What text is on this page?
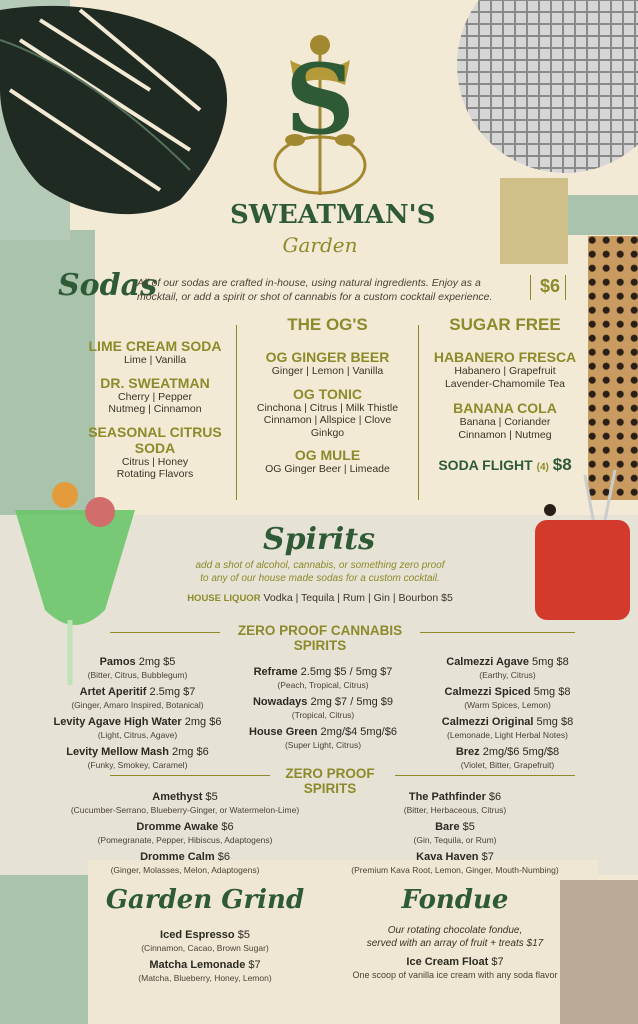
S
SWEATMAN'S
Garden
Sodas
All of our sodas are crafted in-house, using natural ingredients. Enjoy as a
mocktail, or add a spirit or shot of cannabis for a custom cocktail experience.
$6
LIME CREAM SODA
Lime | Vanilla
DR. SWEATMAN
Cherry | Pepper
Nutmeg | Cinnamon
SEASONAL CITRUS SODA
Citrus | Honey
Rotating Flavors
THE OG'S
OG GINGER BEER
Ginger | Lemon | Vanilla
OG TONIC
Cinchona | Citrus | Milk Thistle
Cinnamon | Allspice | Clove
Ginkgo
OG MULE
OG Ginger Beer | Limeade
SUGAR FREE
HABANERO FRESCA
Habanero | Grapefruit
Lavender-Chamomile Tea
BANANA COLA
Banana | Coriander
Cinnamon | Nutmeg
SODA FLIGHT (4) $8
Spirits
add a shot of alcohol, cannabis, or something zero proof
to any of our house made sodas for a custom cocktail.
HOUSE LIQUOR Vodka | Tequila | Rum | Gin | Bourbon $5
ZERO PROOF CANNABIS SPIRITS
Pamos 2mg $5
(Bitter, Citrus, Bubblegum)
Artet Aperitif 2.5mg $7
(Ginger, Amaro Inspired, Botanical)
Levity Agave High Water 2mg $6
(Light, Citrus, Agave)
Levity Mellow Mash 2mg $6
(Funky, Smokey, Caramel)
Reframe 2.5mg $5 / 5mg $7
(Peach, Tropical, Citrus)
Nowadays 2mg $7 / 5mg $9
(Tropical, Citrus)
House Green 2mg/$4 5mg/$6
(Super Light, Citrus)
Calmezzi Agave 5mg $8
(Earthy, Citrus)
Calmezzi Spiced 5mg $8
(Warm Spices, Lemon)
Calmezzi Original 5mg $8
(Lemonade, Light Herbal Notes)
Brez 2mg/$6 5mg/$8
(Violet, Bitter, Grapefruit)
ZERO PROOF SPIRITS
Amethyst $5
(Cucumber-Serrano, Blueberry-Ginger, or Watermelon-Lime)
Dromme Awake $6
(Pomegranate, Pepper, Hibiscus, Adaptogens)
Dromme Calm $6
(Ginger, Molasses, Melon, Adaptogens)
The Pathfinder $6
(Bitter, Herbaceous, Citrus)
Bare $5
(Gin, Tequila, or Rum)
Kava Haven $7
(Premium Kava Root, Lemon, Ginger, Mouth-Numbing)
Garden Grind
Iced Espresso $5
(Cinnamon, Cacao, Brown Sugar)
Matcha Lemonade $7
(Matcha, Blueberry, Honey, Lemon)
Fondue
Our rotating chocolate fondue,
served with an array of fruit + treats $17
Ice Cream Float $7
One scoop of vanilla ice cream with any soda flavor
